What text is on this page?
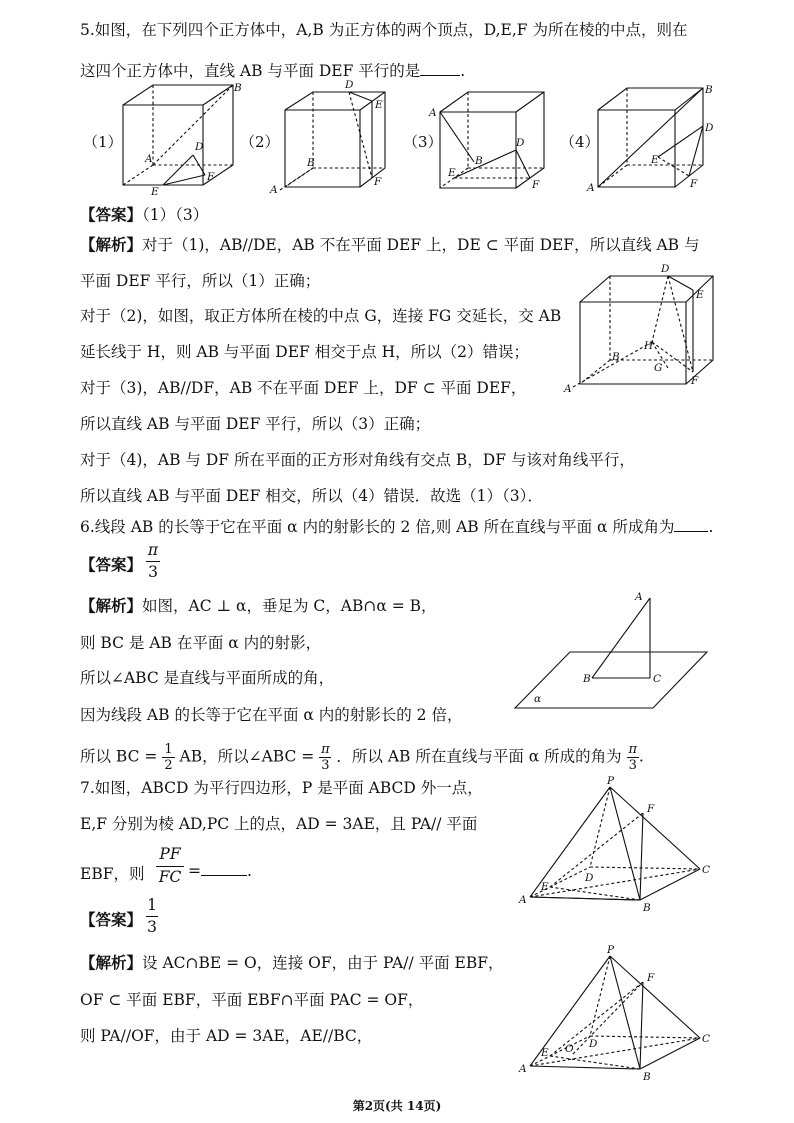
5.如图，在下列四个正方体中，A,B 为正方体的两个顶点，D,E,F 为所在棱的中点，则在
这四个正方体中，直线 AB 与平面 DEF 平行的是	.
（1）	（2）	（3）	（4）
B
A
D
E
F
D
E
F
B
A
A
B
D
E
F
B
D
E
F
A
【答案】（1）（3）
【解析】对于（1)，AB//DE，AB 不在平面 DEF 上，DE ⊂ 平面 DEF，所以直线 AB 与
平面 DEF 平行，所以（1）正确；
对于（2)，如图，取正方体所在棱的中点 G，连接 FG 交延长，交 AB
延长线于 H，则 AB 与平面 DEF 相交于点 H，所以（2）错误；
对于（3)，AB//DF，AB 不在平面 DEF 上，DF ⊂ 平面 DEF，
所以直线 AB 与平面 DEF 平行，所以（3）正确；
对于（4)，AB 与 DF 所在平面的正方形对角线有交点 B，DF 与该对角线平行，
所以直线 AB 与平面 DEF 相交，所以（4）错误．故选（1）（3）．
D
E
F
H
B
G
A
6.线段 AB 的长等于它在平面 α 内的射影长的 2 倍,则 AB 所在直线与平面 α 所成角为 .
【答案】
π
3
【解析】如图，AC ⊥ α，垂足为 C，AB∩α = B，
则 BC 是 AB 在平面 α 内的射影，
所以∠ABC 是直线与平面所成的角，
因为线段 AB 的长等于它在平面 α 内的射影长的 2 倍，
所以 BC = $\frac{1}{2}$ AB，所以∠ABC = $\frac{\pi}{3}$ ．所以 AB 所在直线与平面 α 所成的角为 $\frac{\pi}{3}$.
A
B	C
α
7.如图，ABCD 为平行四边形，P 是平面 ABCD 外一点，
E,F 分别为棱 AD,PC 上的点，AD = 3AE，且 PA// 平面
EBF，则
PF
FC =	.
【答案】
1
3
【解析】设 AC∩BE = O，连接 OF，由于 PA// 平面 EBF，
OF ⊂ 平面 EBF，平面 EBF∩平面 PAC = OF，
则 PA//OF，由于 AD = 3AE，AE//BC，
P
F
C
D
E
A
B
P
F
C
D
E O
A
B
第2页(共 14页)
